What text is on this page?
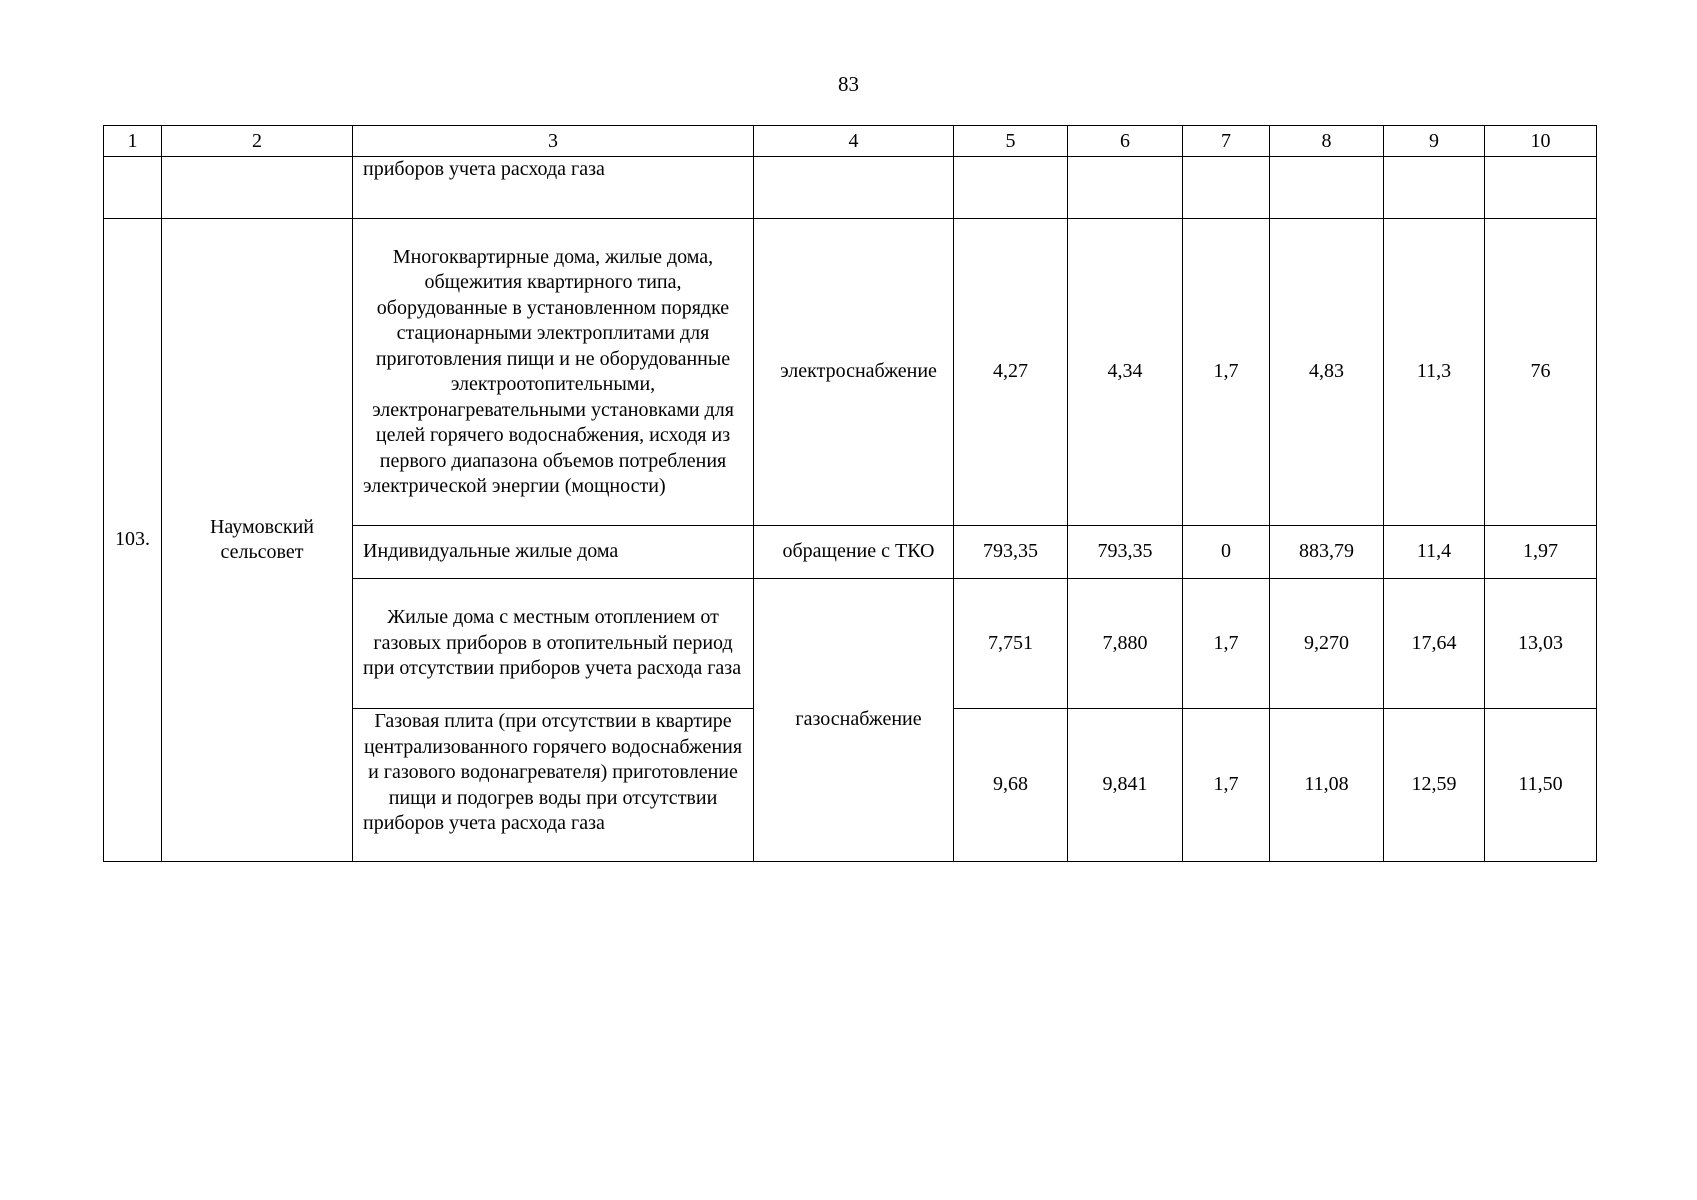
83
1	2	3	4	5	6	7	8	9	10
		приборов учета расхода газа							
103.	Наумовский сельсовет	Многоквартирные дома, жилые дома, общежития квартирного типа, оборудованные в установленном порядке стационарными электроплитами для приготовления пищи и не оборудованные электроотопительными, электронагревательными установками для целей горячего водоснабжения, исходя из первого диапазона объемов потребления электрической энергии (мощности)	электроснабжение	4,27	4,34	1,7	4,83	11,3	76
		Индивидуальные жилые дома	обращение с ТКО	793,35	793,35	0	883,79	11,4	1,97
		Жилые дома с местным отоплением от газовых приборов в отопительный период при отсутствии приборов учета расхода газа	газоснабжение	7,751	7,880	1,7	9,270	17,64	13,03
		Газовая плита (при отсутствии в квартире централизованного горячего водоснабжения и газового водонагревателя) приготовление пищи и подогрев воды при отсутствии приборов учета расхода газа		9,68	9,841	1,7	11,08	12,59	11,50
